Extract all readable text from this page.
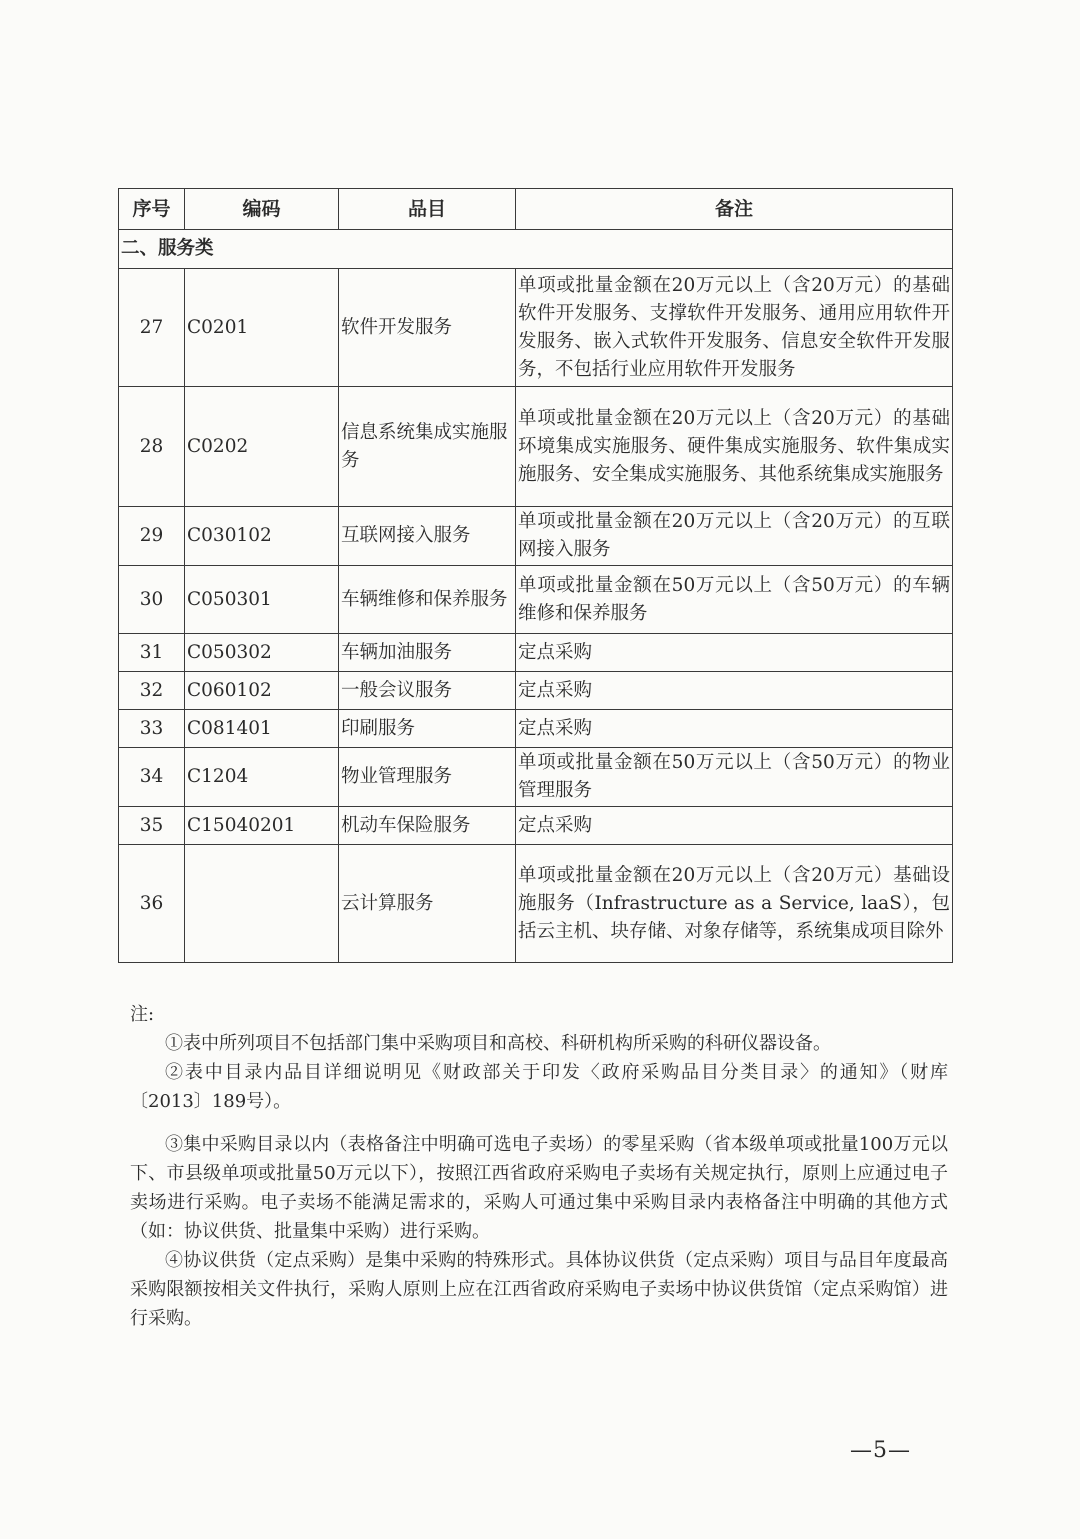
序号	编码	品目	备注
二、服务类			
27	C0201	软件开发服务	单项或批量金额在20万元以上（含20万元）的基础软件开发服务、支撑软件开发服务、通用应用软件开发服务、嵌入式软件开发服务、信息安全软件开发服务，不包括行业应用软件开发服务
28	C0202	信息系统集成实施服务	单项或批量金额在20万元以上（含20万元）的基础环境集成实施服务、硬件集成实施服务、软件集成实施服务、安全集成实施服务、其他系统集成实施服务
29	C030102	互联网接入服务	单项或批量金额在20万元以上（含20万元）的互联网接入服务
30	C050301	车辆维修和保养服务	单项或批量金额在50万元以上（含50万元）的车辆维修和保养服务
31	C050302	车辆加油服务	定点采购
32	C060102	一般会议服务	定点采购
33	C081401	印刷服务	定点采购
34	C1204	物业管理服务	单项或批量金额在50万元以上（含50万元）的物业管理服务
35	C15040201	机动车保险服务	定点采购
36		云计算服务	单项或批量金额在20万元以上（含20万元）基础设施服务（Infrastructure as a Service, laaS），包括云主机、块存储、对象存储等，系统集成项目除外

注:

①表中所列项目不包括部门集中采购项目和高校、科研机构所采购的科研仪器设备。

②表中目录内品目详细说明见《财政部关于印发〈政府采购品目分类目录〉的通知》（财库〔2013〕189号）。

③集中采购目录以内（表格备注中明确可选电子卖场）的零星采购（省本级单项或批量100万元以下、市县级单项或批量50万元以下），按照江西省政府采购电子卖场有关规定执行，原则上应通过电子卖场进行采购。电子卖场不能满足需求的，采购人可通过集中采购目录内表格备注中明确的其他方式（如：协议供货、批量集中采购）进行采购。

④协议供货（定点采购）是集中采购的特殊形式。具体协议供货（定点采购）项目与品目年度最高采购限额按相关文件执行，采购人原则上应在江西省政府采购电子卖场中协议供货馆（定点采购馆）进行采购。

—5—
